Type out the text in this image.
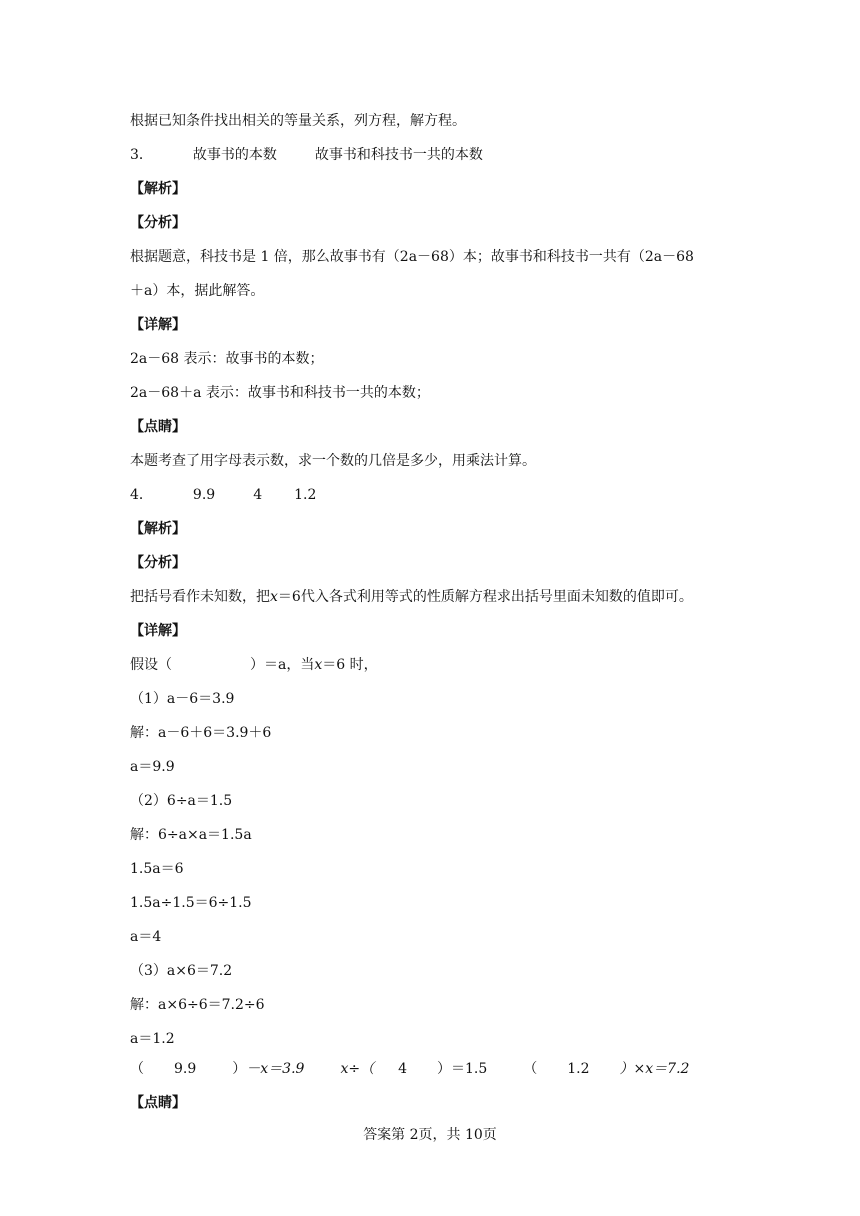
根据已知条件找出相关的等量关系，列方程，解方程。
3．	故事书的本数	故事书和科技书一共的本数
【解析】
【分析】
根据题意，科技书是 1 倍，那么故事书有（2a－68）本；故事书和科技书一共有（2a－68
＋a）本，据此解答。
【详解】
2a－68 表示：故事书的本数；
2a－68＋a 表示：故事书和科技书一共的本数；
【点睛】
本题考查了用字母表示数，求一个数的几倍是多少，用乘法计算。
4．	9.9	4 1.2
【解析】
【分析】
把括号看作未知数，把x＝6代入各式利用等式的性质解方程求出括号里面未知数的值即可。
【详解】
假设（	）＝a，当x＝6 时，
（1）a－6＝3.9
解：a－6＋6＝3.9＋6
a＝9.9
（2）6÷a＝1.5
解：6÷a×a＝1.5a
1.5a＝6
1.5a÷1.5＝6÷1.5
a＝4
（3）a×6＝7.2
解：a×6÷6＝7.2÷6
a＝1.2
（ 9.9	）－x＝3.9	x÷（ 4 ）＝1.5	（ 1.2 ）×x＝7.2
【点睛】
答案第 2页，共 10页
